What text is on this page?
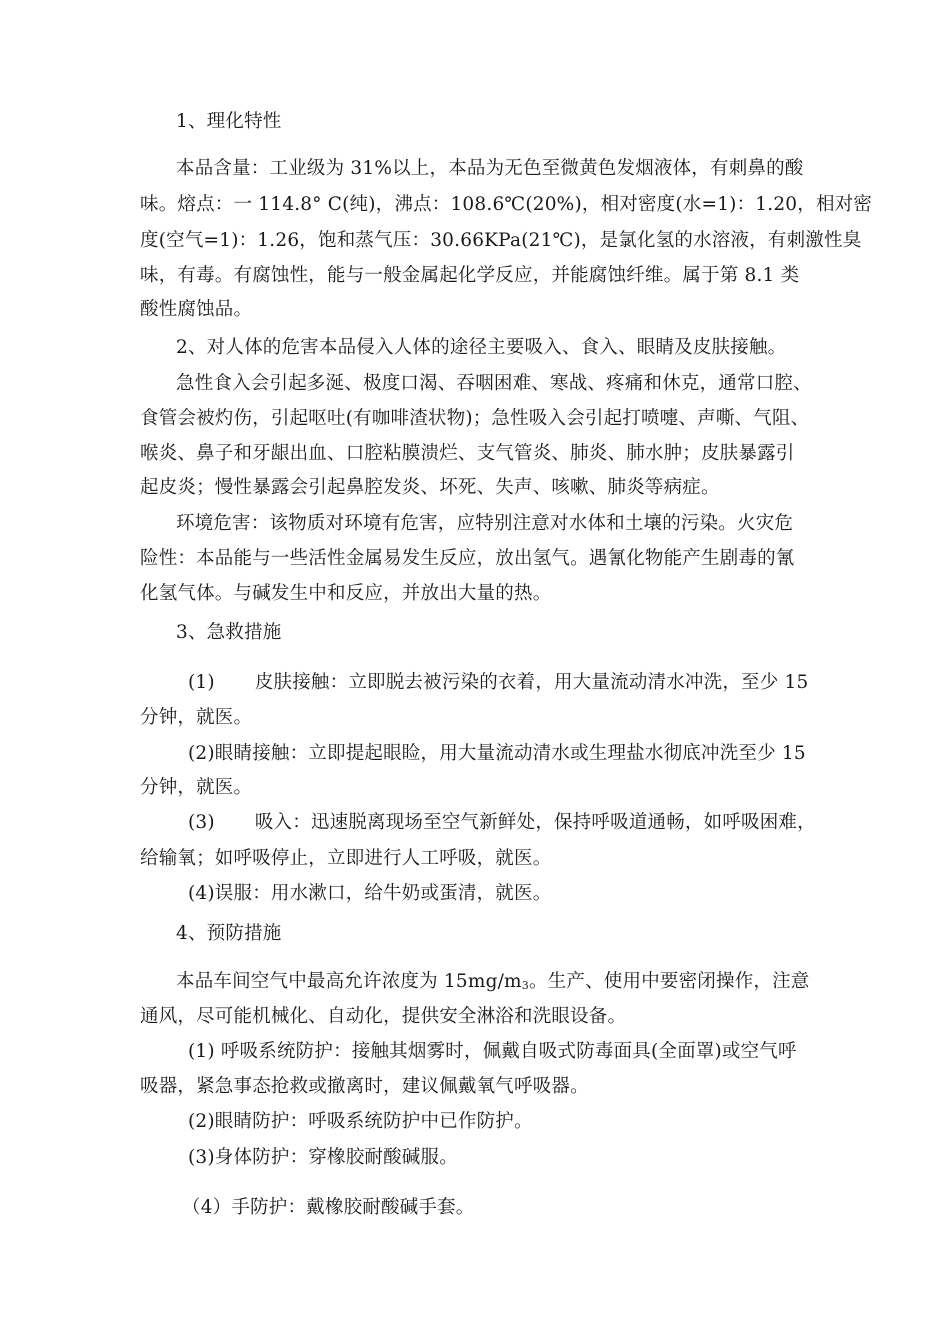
1、理化特性
本品含量：工业级为 31%以上，本品为无色至微黄色发烟液体，有刺鼻的酸
味。熔点：一 114.8° C(纯)，沸点：108.6℃(20%)，相对密度(水=1)：1.20，相对密
度(空气=1)：1.26，饱和蒸气压：30.66KPa(21℃)，是氯化氢的水溶液，有刺激性臭
味，有毒。有腐蚀性，能与一般金属起化学反应，并能腐蚀纤维。属于第 8.1 类
酸性腐蚀品。
2、对人体的危害本品侵入人体的途径主要吸入、食入、眼睛及皮肤接触。
急性食入会引起多涎、极度口渴、吞咽困难、寒战、疼痛和休克，通常口腔、
食管会被灼伤，引起呕吐(有咖啡渣状物)；急性吸入会引起打喷嚏、声嘶、气阻、
喉炎、鼻子和牙龈出血、口腔粘膜溃烂、支气管炎、肺炎、肺水肿；皮肤暴露引
起皮炎；慢性暴露会引起鼻腔发炎、坏死、失声、咳嗽、肺炎等病症。
环境危害：该物质对环境有危害，应特别注意对水体和土壤的污染。火灾危
险性：本品能与一些活性金属易发生反应，放出氢气。遇氰化物能产生剧毒的氰
化氢气体。与碱发生中和反应，并放出大量的热。
3、急救措施
(1) 皮肤接触：立即脱去被污染的衣着，用大量流动清水冲洗，至少 15
分钟，就医。
(2)眼睛接触：立即提起眼睑，用大量流动清水或生理盐水彻底冲洗至少 15
分钟，就医。
(3) 吸入：迅速脱离现场至空气新鲜处，保持呼吸道通畅，如呼吸困难，
给输氧；如呼吸停止，立即进行人工呼吸，就医。
(4)误服：用水漱口，给牛奶或蛋清，就医。
4、预防措施
本品车间空气中最高允许浓度为 $15mg/m_3$。生产、使用中要密闭操作，注意
通风，尽可能机械化、自动化，提供安全淋浴和洗眼设备。
(1) 呼吸系统防护：接触其烟雾时，佩戴自吸式防毒面具(全面罩)或空气呼
吸器，紧急事态抢救或撤离时，建议佩戴氧气呼吸器。
(2)眼睛防护：呼吸系统防护中已作防护。
(3)身体防护：穿橡胶耐酸碱服。
（4）手防护：戴橡胶耐酸碱手套。
